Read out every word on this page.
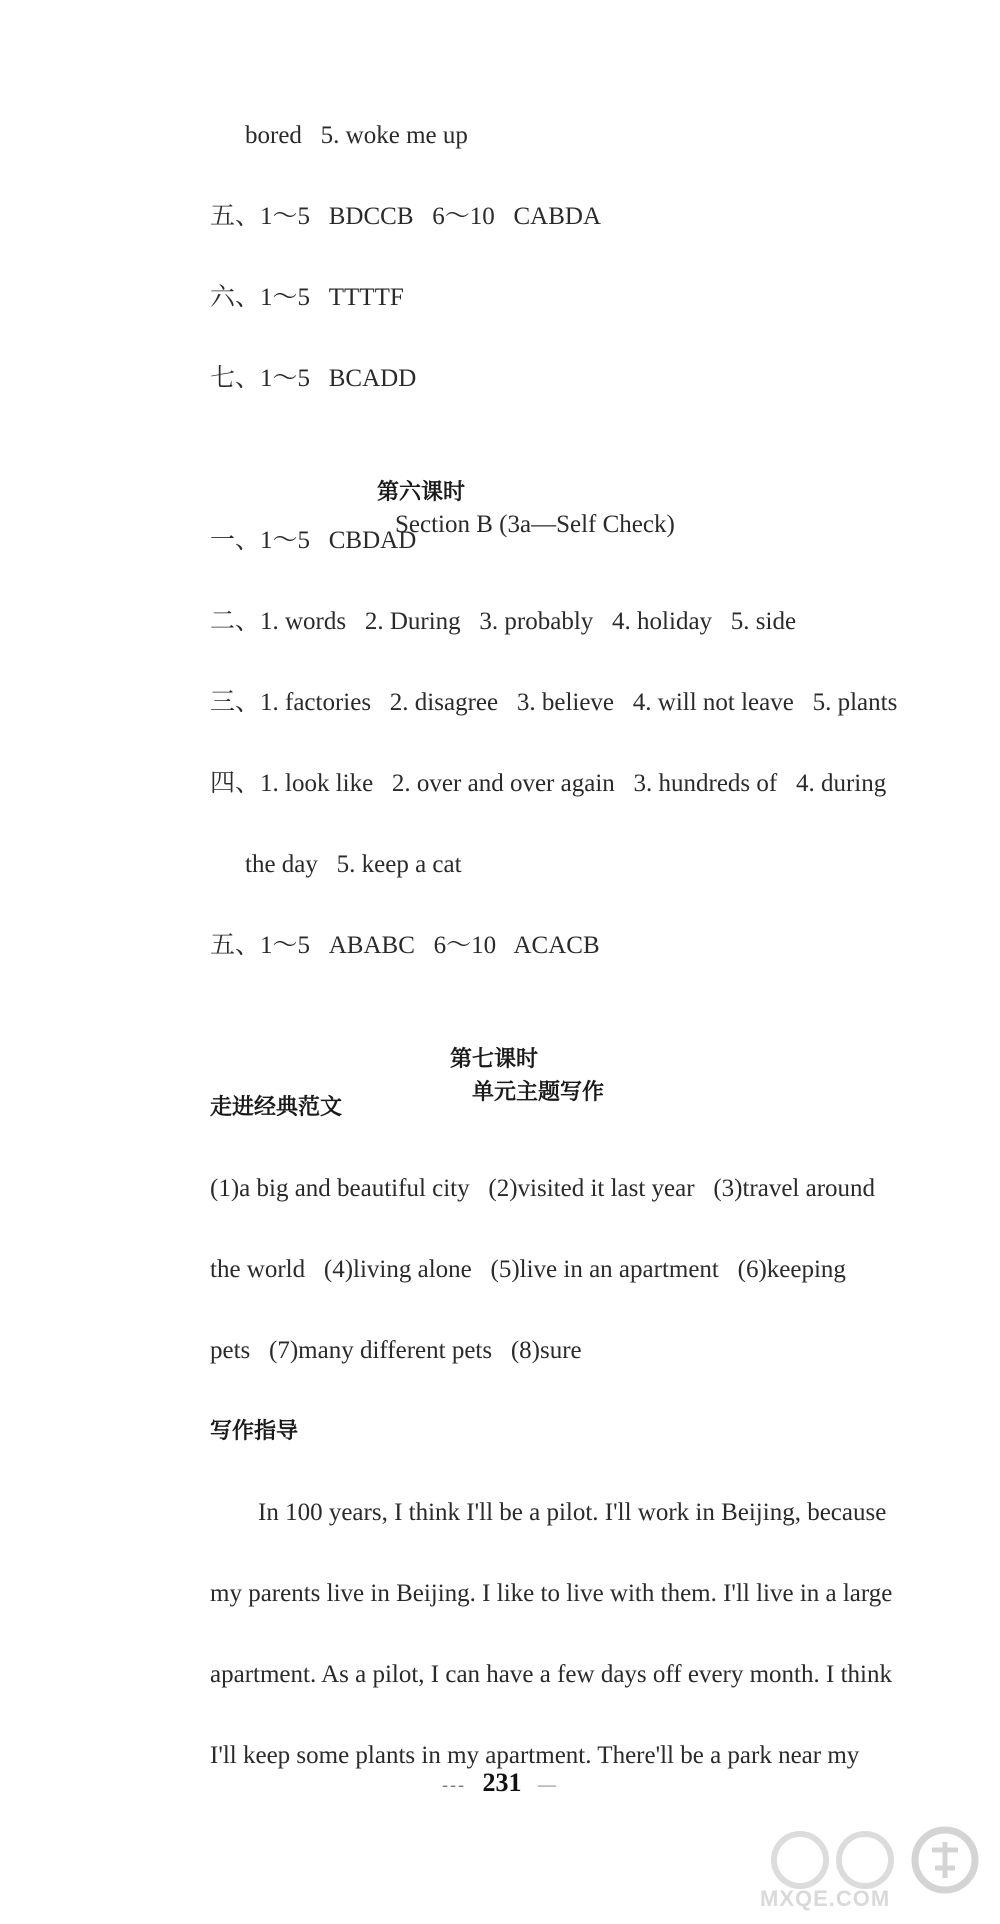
bored   5. woke me up
五、1～5   BDCCB   6～10   CABDA
六、1～5   TTTTF
七、1～5   BCADD

第六课时
Section B (3a—Self Check)

一、1～5   CBDAD
二、1. words   2. During   3. probably   4. holiday   5. side
三、1. factories   2. disagree   3. believe   4. will not leave   5. plants
四、1. look like   2. over and over again   3. hundreds of   4. during
the day   5. keep a cat
五、1～5   ABABC   6～10   ACACB

第七课时
单元主题写作

走进经典范文
(1)a big and beautiful city   (2)visited it last year   (3)travel around
the world   (4)living alone   (5)live in an apartment   (6)keeping
pets   (7)many different pets   (8)sure
写作指导
In 100 years, I think I'll be a pilot. I'll work in Beijing, because
my parents live in Beijing. I like to live with them. I'll live in a large
apartment. As a pilot, I can have a few days off every month. I think
I'll keep some plants in my apartment. There'll be a park near my
--- 231 —
MXQE.COM
